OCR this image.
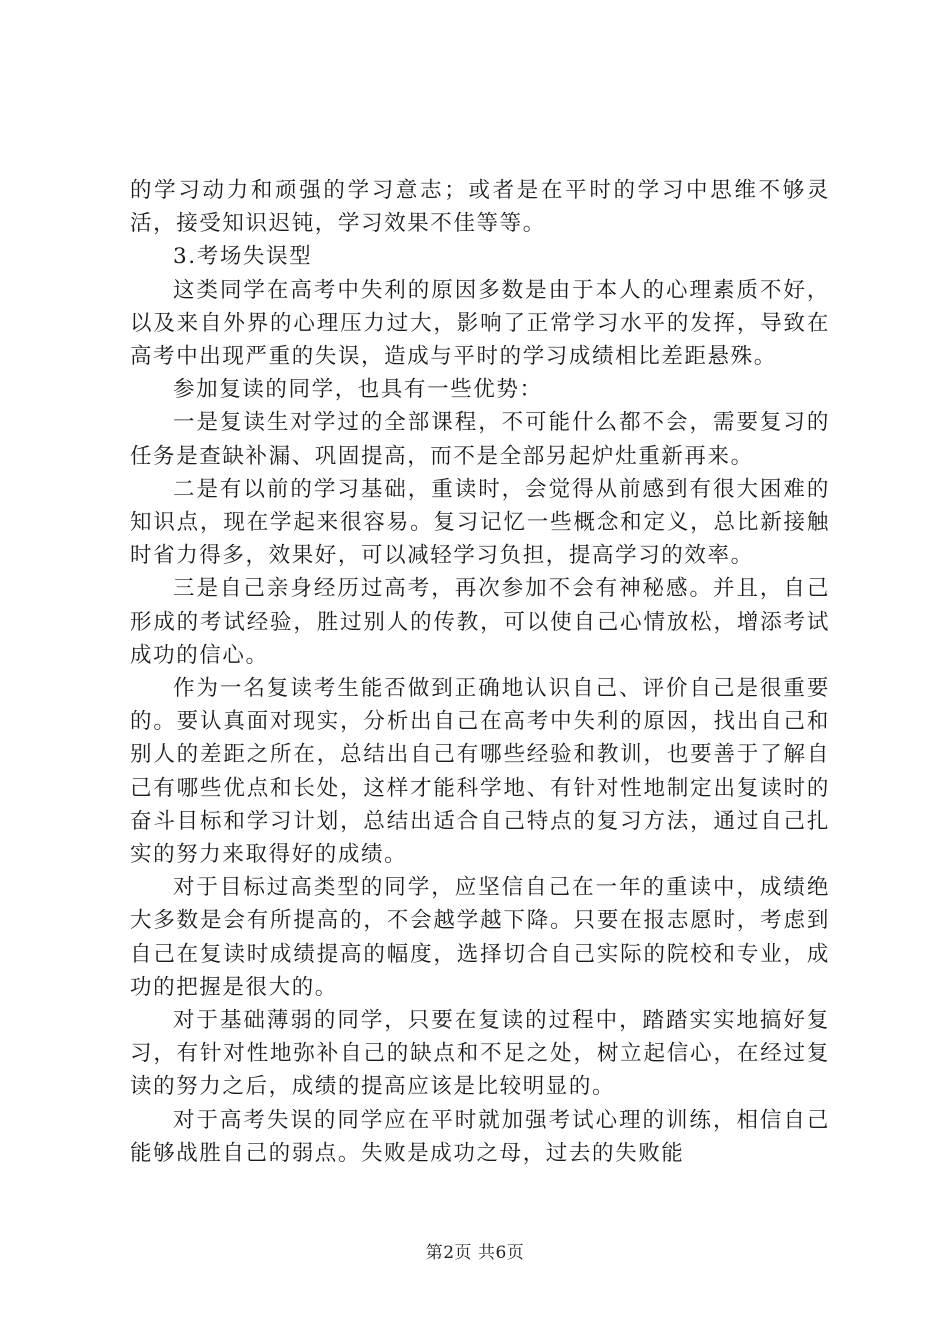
的学习动力和顽强的学习意志；或者是在平时的学习中思维不够灵活，接受知识迟钝，学习效果不佳等等。

3.考场失误型

这类同学在高考中失利的原因多数是由于本人的心理素质不好，以及来自外界的心理压力过大，影响了正常学习水平的发挥，导致在高考中出现严重的失误，造成与平时的学习成绩相比差距悬殊。

参加复读的同学，也具有一些优势：

一是复读生对学过的全部课程，不可能什么都不会，需要复习的任务是查缺补漏、巩固提高，而不是全部另起炉灶重新再来。

二是有以前的学习基础，重读时，会觉得从前感到有很大困难的知识点，现在学起来很容易。复习记忆一些概念和定义，总比新接触时省力得多，效果好，可以减轻学习负担，提高学习的效率。

三是自己亲身经历过高考，再次参加不会有神秘感。并且，自己形成的考试经验，胜过别人的传教，可以使自己心情放松，增添考试成功的信心。

作为一名复读考生能否做到正确地认识自己、评价自己是很重要的。要认真面对现实，分析出自己在高考中失利的原因，找出自己和别人的差距之所在，总结出自己有哪些经验和教训，也要善于了解自己有哪些优点和长处，这样才能科学地、有针对性地制定出复读时的奋斗目标和学习计划，总结出适合自己特点的复习方法，通过自己扎实的努力来取得好的成绩。

对于目标过高类型的同学，应坚信自己在一年的重读中，成绩绝大多数是会有所提高的，不会越学越下降。只要在报志愿时，考虑到自己在复读时成绩提高的幅度，选择切合自己实际的院校和专业，成功的把握是很大的。

对于基础薄弱的同学，只要在复读的过程中，踏踏实实地搞好复习，有针对性地弥补自己的缺点和不足之处，树立起信心，在经过复读的努力之后，成绩的提高应该是比较明显的。

对于高考失误的同学应在平时就加强考试心理的训练，相信自己能够战胜自己的弱点。失败是成功之母，过去的失败能

第2页 共6页
